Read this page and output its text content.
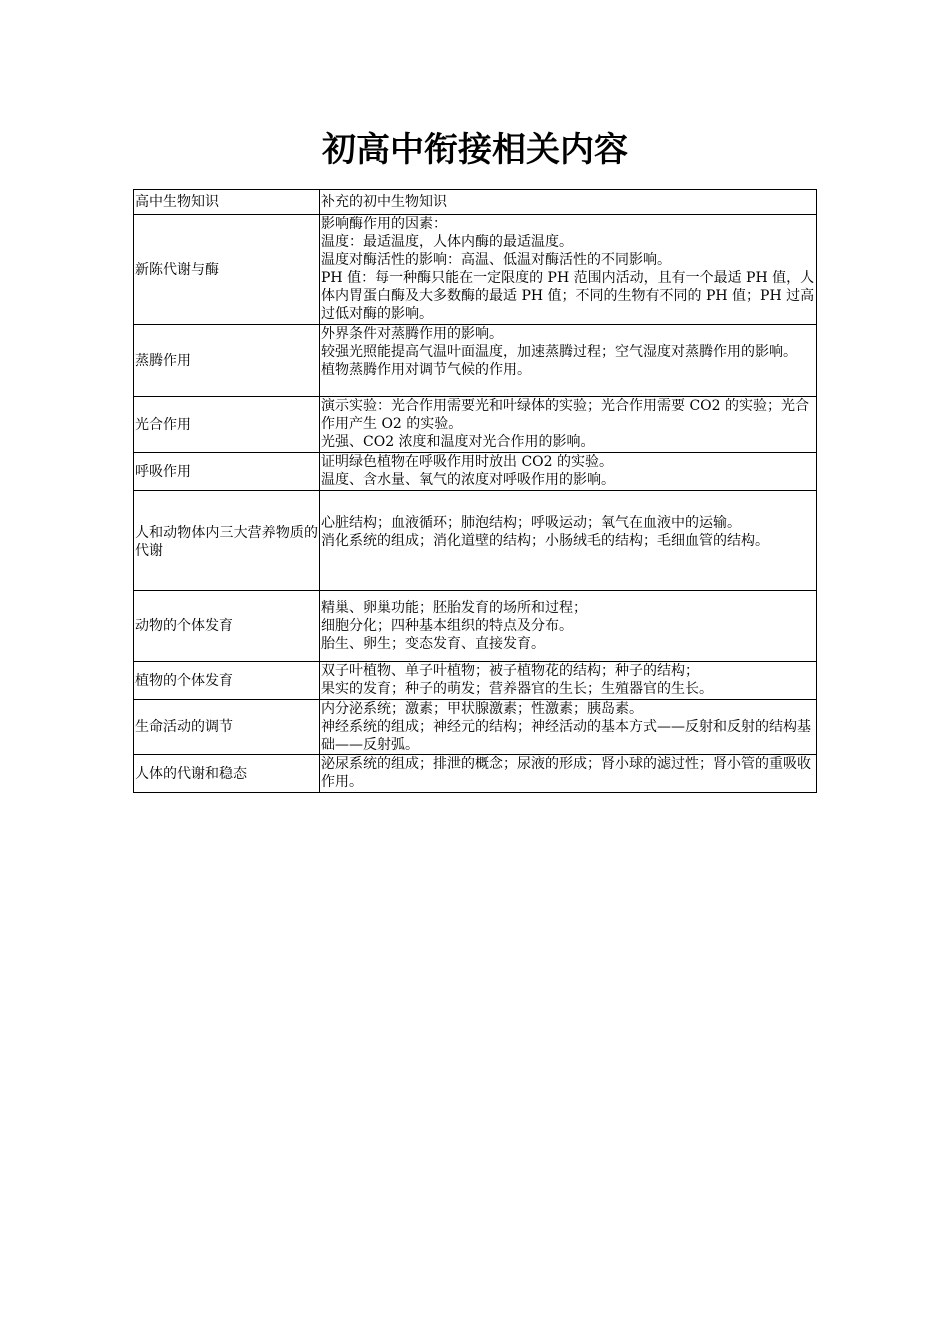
初高中衔接相关内容
高中生物知识	补充的初中生物知识
新陈代谢与酶	影响酶作用的因素：
温度：最适温度，人体内酶的最适温度。
温度对酶活性的影响：高温、低温对酶活性的不同影响。
PH 值：每一种酶只能在一定限度的 PH 范围内活动，且有一个最适 PH 值，人体内胃蛋白酶及大多数酶的最适 PH 值；不同的生物有不同的 PH 值；PH 过高过低对酶的影响。

蒸腾作用	外界条件对蒸腾作用的影响。
较强光照能提高气温叶面温度，加速蒸腾过程；空气湿度对蒸腾作用的影响。
植物蒸腾作用对调节气候的作用。

光合作用	演示实验：光合作用需要光和叶绿体的实验；光合作用需要 CO2 的实验；光合作用产生 O2 的实验。
光强、CO2 浓度和温度对光合作用的影响。

呼吸作用	证明绿色植物在呼吸作用时放出 CO2 的实验。
温度、含水量、氧气的浓度对呼吸作用的影响。

人和动物体内三大营养物质的代谢	心脏结构；血液循环；肺泡结构；呼吸运动；氧气在血液中的运输。
消化系统的组成；消化道壁的结构；小肠绒毛的结构；毛细血管的结构。

动物的个体发育	精巢、卵巢功能；胚胎发育的场所和过程；
细胞分化；四种基本组织的特点及分布。
胎生、卵生；变态发育、直接发育。

植物的个体发育	双子叶植物、单子叶植物；被子植物花的结构；种子的结构；
果实的发育；种子的萌发；营养器官的生长；生殖器官的生长。

生命活动的调节	内分泌系统；激素；甲状腺激素；性激素；胰岛素。
神经系统的组成；神经元的结构；神经活动的基本方式——反射和反射的结构基础——反射弧。

人体的代谢和稳态	泌尿系统的组成；排泄的概念；尿液的形成；肾小球的滤过性；肾小管的重吸收作用。
